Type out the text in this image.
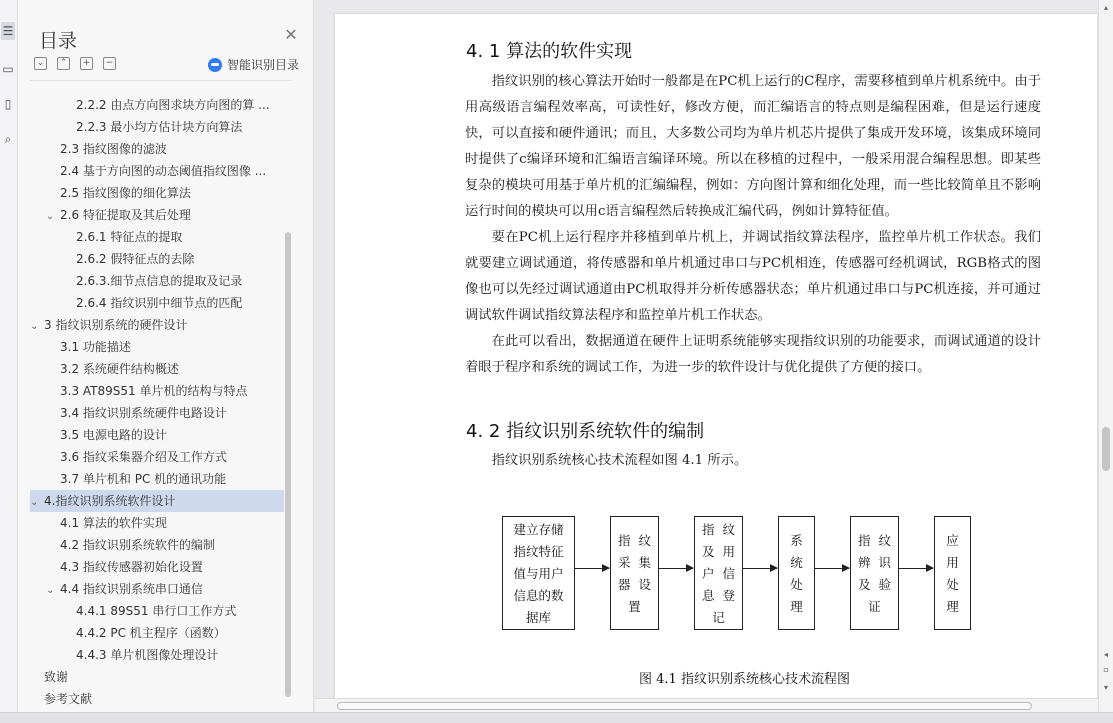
☰
▭
▯
⌕
目录	✕
⌄	⌃	+	−	智能识别目录
2.2.2 由点方向图求块方向图的算 ...
2.2.3 最小均方估计块方向算法
2.3 指纹图像的滤波
2.4 基于方向图的动态阈值指纹图像 ...
2.5 指纹图像的细化算法
⌄ 2.6 特征提取及其后处理
2.6.1 特征点的提取
2.6.2 假特征点的去除
2.6.3.细节点信息的提取及记录
2.6.4 指纹识别中细节点的匹配
⌄ 3 指纹识别系统的硬件设计
3.1 功能描述
3.2 系统硬件结构概述
3.3 AT89S51 单片机的结构与特点
3.4 指纹识别系统硬件电路设计
3.5 电源电路的设计
3.6 指纹采集器介绍及工作方式
3.7 单片机和 PC 机的通讯功能
⌄ 4.指纹识别系统软件设计
4.1 算法的软件实现
4.2 指纹识别系统软件的编制
4.3 指纹传感器初始化设置
⌄ 4.4 指纹识别系统串口通信
4.4.1 89S51 串行口工作方式
4.4.2 PC 机主程序（函数）
4.4.3 单片机图像处理设计
致谢
参考文献
4. 1 算法的软件实现

指纹识别的核心算法开始时一般都是在PC机上运行的C程序，需要移植到单片机系统中。由于用高级语言编程效率高，可读性好，修改方便，而汇编语言的特点则是编程困难，但是运行速度快，可以直接和硬件通讯；而且，大多数公司均为单片机芯片提供了集成开发环境，该集成环境同时提供了c编译环境和汇编语言编译环境。所以在移植的过程中，一般采用混合编程思想。即某些复杂的模块可用基于单片机的汇编编程，例如：方向图计算和细化处理，而一些比较简单且不影响运行时间的模块可以用c语言编程然后转换成汇编代码，例如计算特征值。

要在PC机上运行程序并移植到单片机上，并调试指纹算法程序，监控单片机工作状态。我们就要建立调试通道，将传感器和单片机通过串口与PC机相连，传感器可经机调试，RGB格式的图像也可以先经过调试通道由PC机取得并分析传感器状态；单片机通过串口与PC机连接，并可通过调试软件调试指纹算法程序和监控单片机工作状态。

在此可以看出，数据通道在硬件上证明系统能够实现指纹识别的功能要求，而调试通道的设计着眼于程序和系统的调试工作，为进一步的软件设计与优化提供了方便的接口。

4. 2 指纹识别系统软件的编制

指纹识别系统核心技术流程如图 4.1 所示。

建立存储
指纹特征
值与用户
信息的数
据库
指  纹
采  集
器  设
置
指  纹
及  用
户  信
息  登
记
系
统
处
理
指  纹
辨  识
及  验
证
应
用
处
理
图 4.1 指纹识别系统核心技术流程图
▴
◂
▫
▾
